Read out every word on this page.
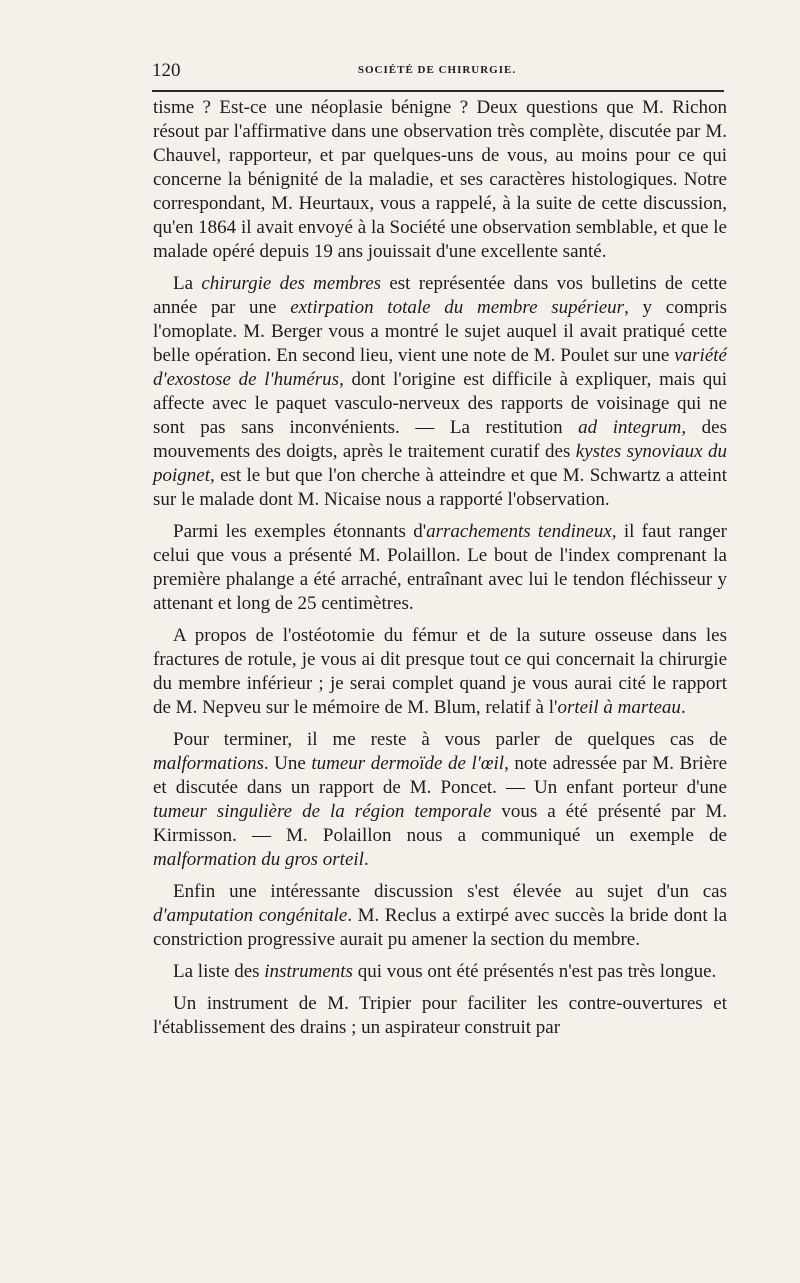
120	SOCIÉTÉ DE CHIRURGIE.

tisme ? Est-ce une néoplasie bénigne ? Deux questions que M. Richon résout par l'affirmative dans une observation très complète, discutée par M. Chauvel, rapporteur, et par quelques-uns de vous, au moins pour ce qui concerne la bénignité de la maladie, et ses caractères histologiques. Notre correspondant, M. Heurtaux, vous a rappelé, à la suite de cette discussion, qu'en 1864 il avait envoyé à la Société une observation semblable, et que le malade opéré depuis 19 ans jouissait d'une excellente santé.

La chirurgie des membres est représentée dans vos bulletins de cette année par une extirpation totale du membre supérieur, y compris l'omoplate. M. Berger vous a montré le sujet auquel il avait pratiqué cette belle opération. En second lieu, vient une note de M. Poulet sur une variété d'exostose de l'humérus, dont l'origine est difficile à expliquer, mais qui affecte avec le paquet vasculo-nerveux des rapports de voisinage qui ne sont pas sans inconvénients. — La restitution ad integrum, des mouvements des doigts, après le traitement curatif des kystes synoviaux du poignet, est le but que l'on cherche à atteindre et que M. Schwartz a atteint sur le malade dont M. Nicaise nous a rapporté l'observation.

Parmi les exemples étonnants d'arrachements tendineux, il faut ranger celui que vous a présenté M. Polaillon. Le bout de l'index comprenant la première phalange a été arraché, entraînant avec lui le tendon fléchisseur y attenant et long de 25 centimètres.

A propos de l'ostéotomie du fémur et de la suture osseuse dans les fractures de rotule, je vous ai dit presque tout ce qui concernait la chirurgie du membre inférieur ; je serai complet quand je vous aurai cité le rapport de M. Nepveu sur le mémoire de M. Blum, relatif à l'orteil à marteau.

Pour terminer, il me reste à vous parler de quelques cas de malformations. Une tumeur dermoïde de l'œil, note adressée par M. Brière et discutée dans un rapport de M. Poncet. — Un enfant porteur d'une tumeur singulière de la région temporale vous a été présenté par M. Kirmisson. — M. Polaillon nous a communiqué un exemple de malformation du gros orteil.

Enfin une intéressante discussion s'est élevée au sujet d'un cas d'amputation congénitale. M. Reclus a extirpé avec succès la bride dont la constriction progressive aurait pu amener la section du membre.

La liste des instruments qui vous ont été présentés n'est pas très longue.

Un instrument de M. Tripier pour faciliter les contre-ouvertures et l'établissement des drains ; un aspirateur construit par
